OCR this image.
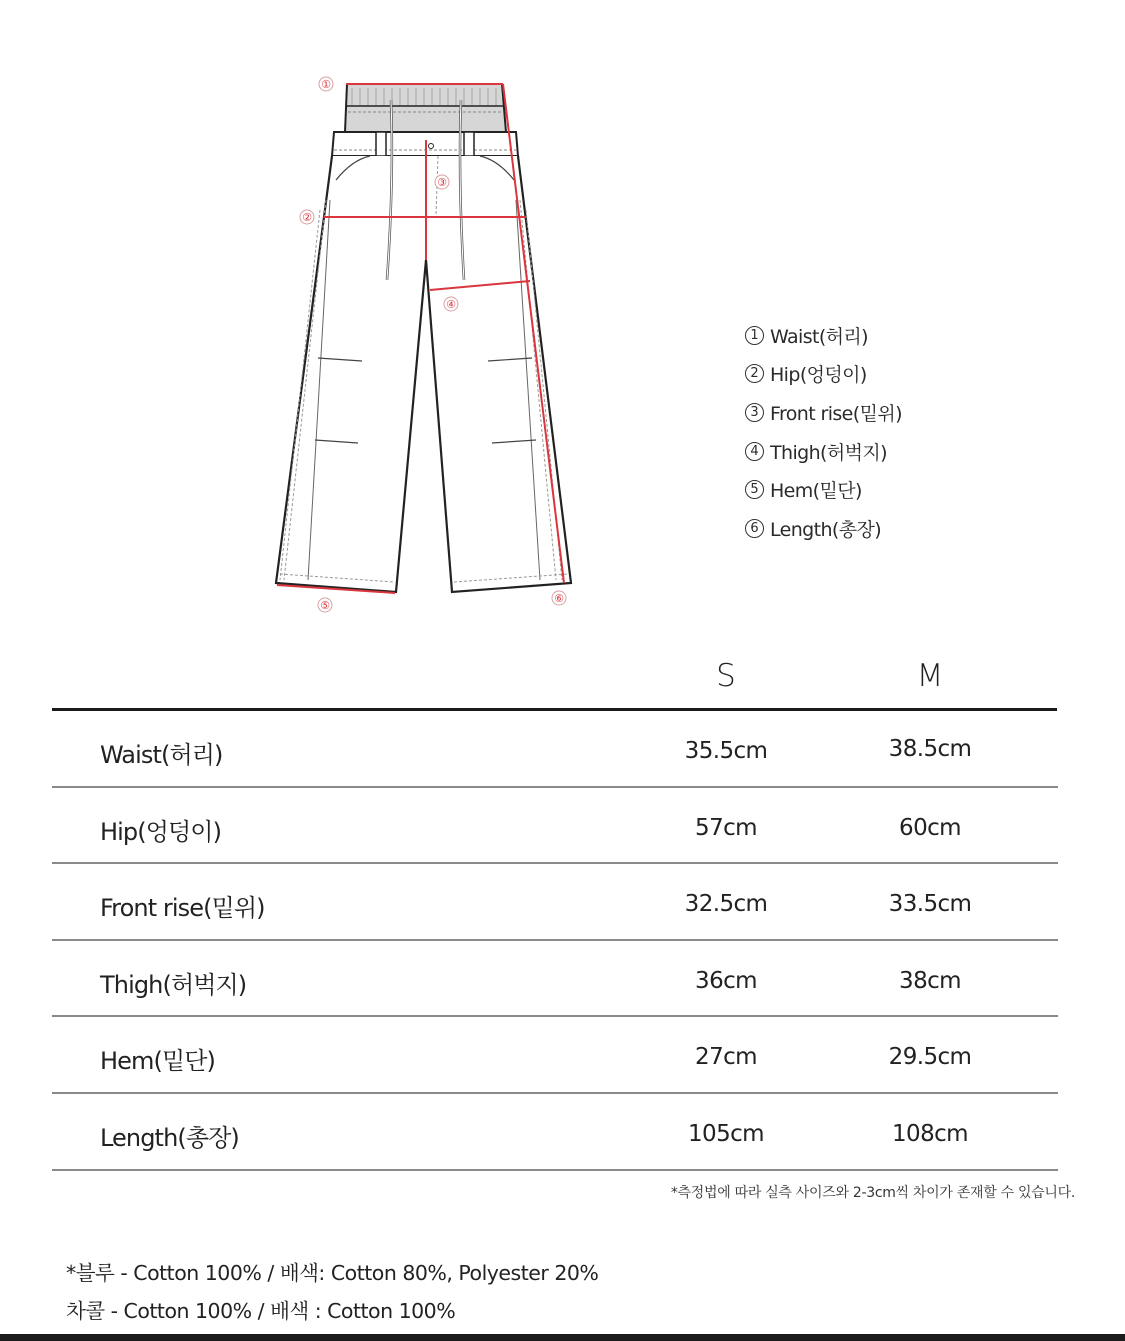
①
②
③
④
⑤
⑥
1 Waist(허리)
2 Hip(엉덩이)
3 Front rise(밑위)
4 Thigh(허벅지)
5 Hem(밑단)
6 Length(총장)
S	M
Waist(허리)	35.5cm	38.5cm
Hip(엉덩이)	57cm	60cm
Front rise(밑위)	32.5cm	33.5cm
Thigh(허벅지)	36cm	38cm
Hem(밑단)	27cm	29.5cm
Length(총장)	105cm	108cm
*측정법에 따라 실측 사이즈와 2-3cm씩 차이가 존재할 수 있습니다.
*블루 - Cotton 100% / 배색: Cotton 80%, Polyester 20%
차콜 - Cotton 100% / 배색 : Cotton 100%
